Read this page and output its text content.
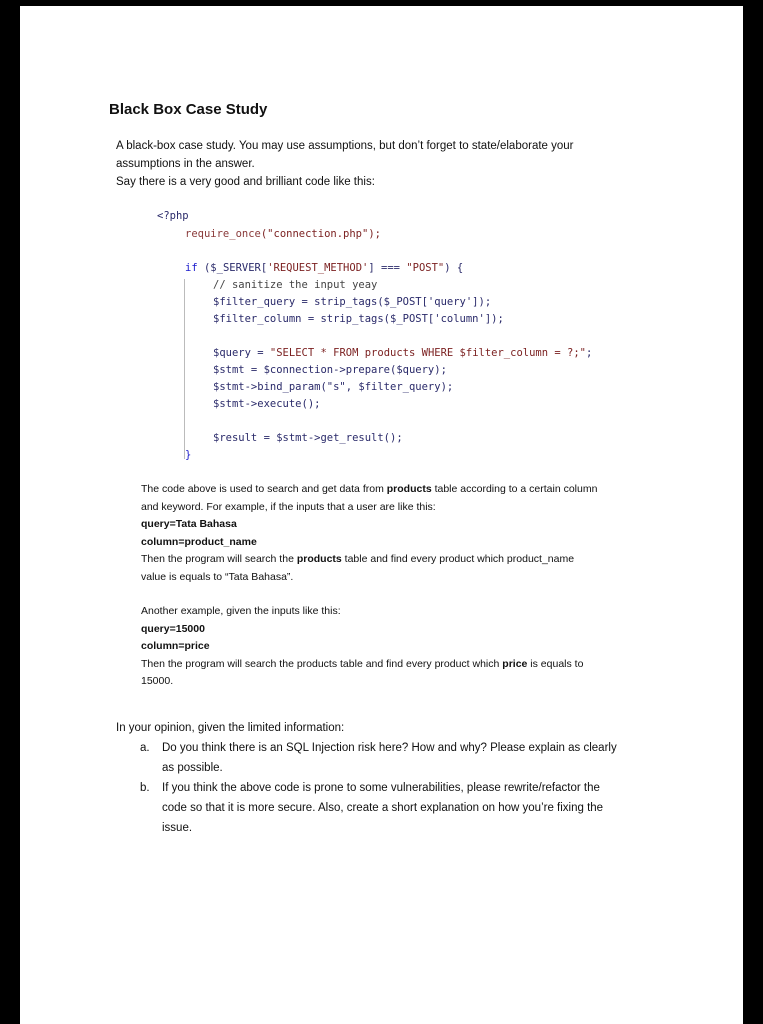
Black Box Case Study
A black-box case study. You may use assumptions, but don’t forget to state/elaborate your
assumptions in the answer.
Say there is a very good and brilliant code like this:
<?php
require_once("connection.php");
if ($_SERVER['REQUEST_METHOD'] === "POST") {
// sanitize the input yeay
$filter_query = strip_tags($_POST['query']);
$filter_column = strip_tags($_POST['column']);
$query = "SELECT * FROM products WHERE $filter_column = ?;";
$stmt = $connection->prepare($query);
$stmt->bind_param("s", $filter_query);
$stmt->execute();
$result = $stmt->get_result();
}
The code above is used to search and get data from products table according to a certain column
and keyword. For example, if the inputs that a user are like this:
query=Tata Bahasa
column=product_name
Then the program will search the products table and find every product which product_name
value is equals to “Tata Bahasa”.
Another example, given the inputs like this:
query=15000
column=price
Then the program will search the products table and find every product which price is equals to
15000.
In your opinion, given the limited information:
a. Do you think there is an SQL Injection risk here? How and why? Please explain as clearly
as possible.
b. If you think the above code is prone to some vulnerabilities, please rewrite/refactor the
code so that it is more secure. Also, create a short explanation on how you’re fixing the
issue.
